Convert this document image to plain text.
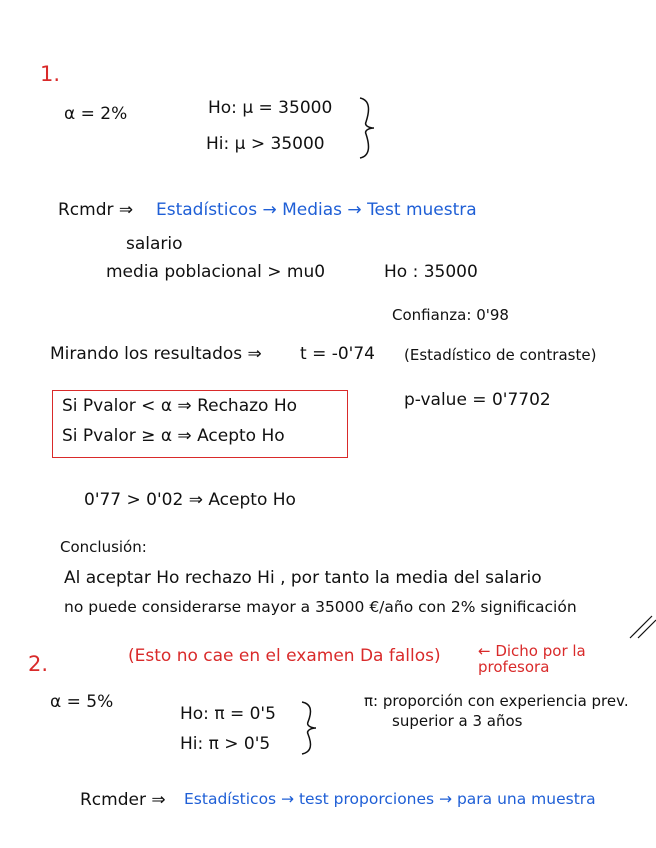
1.
α = 2%	Ho: μ = 35000
Hi: μ > 35000
Rcmdr ⇒ Estadísticos → Medias → Test muestra
salario
media poblacional > mu0	Ho : 35000
Confianza: 0'98
Mirando los resultados ⇒ t = -0'74 (Estadístico de contraste)
Si Pvalor < α ⇒ Rechazo Ho
Si Pvalor ≥ α ⇒ Acepto Ho
p-value = 0'7702
0'77 > 0'02 ⇒ Acepto Ho
Conclusión:
Al aceptar Ho rechazo Hi , por tanto la media del salario
no puede considerarse mayor a 35000 €/año con 2% significación
2.	(Esto no cae en el examen Da fallos) ← Dicho por la profesora
α = 5%
Ho: π = 0'5
Hi: π > 0'5
π: proporción con experiencia prev.
superior a 3 años
Rcmder ⇒ Estadísticos → test proporciones → para una muestra
